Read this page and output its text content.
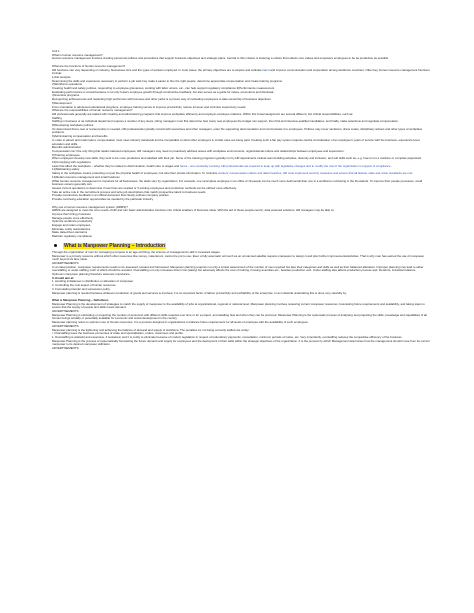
Unit 1

What is human resource management?

Human resource management involves creating personnel policies and procedures that support business objectives and strategic plans. Central to this mission is fostering a culture that reflects core values and empowers employees to be as productive as possible.

What are the functions of human resource management?

HR functions can vary depending on industry, businesses size and the types of workers employed. In most cases, the primary objectives are to acquire and cultivate talent and improve communication and cooperation among workforce members. Other key human resource management functions include:

1)Job analysis

Determining the skills and experience necessary to perform a job well may make it easier to hire the right people, determine appropriate compensation and create training programs.

2)Workforce operations

Creating health and safety policies, responding to employee grievances, working with labor unions, etc., can help support regulatory compliance.3)Performance measurement

Evaluating performance is crucial because it not only fosters employee growth through constructive feedback, but also serves as a guide for raises, promotions and dismissal.

4)Incentive programs

Recognizing achievements and rewarding high performers with bonuses and other perks is a proven way of motivating employees to take ownership of business objectives.

5)Development

From orientation to advanced educational programs, employee training serves to improve productivity, reduce turnover and minimize supervisory needs.

What are the responsibilities of human resource management?

HR professionals generally are tasked with creating and administering programs that improve workplace efficiency and employer-employee relations. Within this broad assignment are several different, but critical responsibilities, such as:

Staffing

Staffing in business or as individual department requires a number of key steps. Hiring managers must first determine how many new employees the budget can support, then find and interview qualified candidates, and finally, make selections and negotiate compensation.

8)Developing workplace policies

It's determined that a new or revised policy is needed, HR professionals typically consult with executives and other managers, enter the supporting documentation and communicate it to employees. Policies may cover vacations, dress codes, disciplinary actions and other types of workplace problems.

9)Administering compensation and benefits

In order to attract and retain talent, compensation must meet industry standards and be comparable to what other employers in similar roles are being paid. Creating such a fair pay system requires careful consideration of an employee's years of service with the business, experience level, education and skills.

Benefits administration

Compensation isn't the only thing that retains talented employees; HR managers may need to proactively address issues with workplace environments, organizational culture and relationships between employees and supervisors.

9)Training employees

When employers develop new skills, they tend to be more productive and satisfied with their job. Some of the training programs typically run by HR departments include team-building activities, diversity and inclusion, and soft skills such as, e.g. how to run a machine or complete paperwork.

10)Complying with regulations

Laws that affect the workplace – whether they're related to discrimination, health care or wages and hours – are constantly evolving. HR professionals are required to keep up with legislative changes and to modify the rest of the organization in support of compliance.

11)Maintaining safety

Safety in the workplace means protecting not just the physical health of employees, but also their private information. To minimize workers' compensation claims and data breaches, HR must implement security measures and ensure that all federal, state and union standards are met.

12)Retain resource management and small business

While human resource management is important for all businesses, the tasks vary by organization. For example, one incomplete employee in an office of 10 people can be much more detrimental than one in a workforce numbering in the thousands. To improve their people processes, small business owners generally can:

Assess current operations to determine if new hires are needed or if existing employees and production methods can be utilized more effectively.

Take an active role in the recruitment process and write job descriptions that match prospective talent to business needs.

Provide constructive feedback in an official document that clearly outlines company policies.

Provide continuing education opportunities as needed by the particular industry.

Why use a human resource management system (HRMS)?

HRMS are designed to meet the core needs of HR and turn basic administrative functions into critical enablers of business value. With the aid of these people-centric, data powered solutions, HR managers may be able to:

Improve their hiring processes

Manage people more effectively

Optimize workforce productivity

Engage and retain employees

Eliminate costly redundancies

Make data-driven decisions

Maintain regulatory compliance

What is Manpower Planning – Introduction

Through the organization of men for managing a purpose is an age-old thing, the science of management's skill in incessant stages.

Manpower is a primary resource without which other resources like money, material etc. cannot be put to use. Even a fully automatic unit such as an unmanned satellite requires manpower to design it and plan further improvements/activities. That is why man has earned the use of manpower much beyond its face value.

ADVERTISEMENTS:

In an ideal position, manpower requirements needs to be assessed, located and harnessed. Manpower planning requires not only a simple assessment of the number of men required but also their categories and skills as well as their balanced allocation. Improper planning may lead to either overstaffing or under-staffing, both of which should be avoided. Overstaffing not only increases direct cost (salary) but adversely affects the cost of training, housing amenities etc., besides production cost. Under-staffing also affects production process and, therefore, industrial relations.

Optimum manpower planning therefore assumes importance.

It should aim at:

1. Avoiding imbalances in distribution or allocation of manpower

2. Controlling the cost aspect of human resources

3. Formulating transfer and succession policy

Manpower planning is needed because whatever production of goods and services is involved, it is an important factor of labour productivity and profitability of the enterprise. In an industrial undertaking this is done very carefully by:

What is Manpower Planning – Definitions

Manpower Planning is the development of strategies to match the supply of manpower to the availability of jobs at organizational, regional or national level. Manpower planning involves reviewing current manpower resources, forecasting future requirements and availability, and taking steps to ensure that the supply of people and skills meets demand.

ADVERTISEMENTS:

Manpower Planning is estimating or projecting the number of personnel with different skills required over time or for a project, and detailing how and when they can be procured. Manpower Planning is the systematic process of analysing and projecting the skills, knowledge and capabilities of all human beings actually or potentially available for economic and social development in the country.

Manpower planning refers to optimum use of human resources. It is a process designed in organizations to balance future requirements for all levels of employee with the availability of such employees.

ADVERTISEMENTS:

Manpower planning is the tightening and achieving the balance of demand and supply of workforce. The penalties for not being correctly staffed are costly:

i. Overstaffing loses the business economies of scale and specialization, orders, customers and profits.

ii. Overstaffing is wasteful and expensive, if sustained, and it is costly to eliminate because of modern legislation in respect of redundancy payments, consultation, minimum periods of notice, etc. Very importantly, overstaffing reduces the competitive efficiency of the business.

Manpower Planning is the process of systematically forecasting the future demand and supply for employees and the deployment of their skills within the strategic objectives of the organization. It is the process by which Management determines how the management should move from its current manpower to its desired manpower utilization.

ADVERTISEMENTS:
